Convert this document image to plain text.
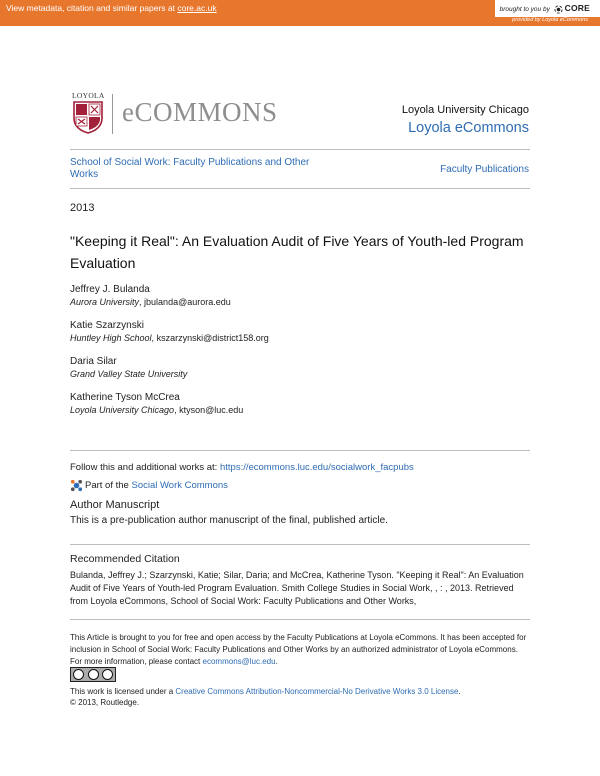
View metadata, citation and similar papers at core.ac.uk	brought to you by CORE
provided by Loyola eCommons
LOYOLA
eCOMMONS	Loyola University Chicago
Loyola eCommons
School of Social Work: Faculty Publications and Other Works	Faculty Publications
2013
"Keeping it Real": An Evaluation Audit of Five Years of Youth-led Program Evaluation
Jeffrey J. Bulanda
Aurora University, jbulanda@aurora.edu
Katie Szarzynski
Huntley High School, kszarzynski@district158.org
Daria Silar
Grand Valley State University
Katherine Tyson McCrea
Loyola University Chicago, ktyson@luc.edu
Follow this and additional works at: https://ecommons.luc.edu/socialwork_facpubs
Part of the Social Work Commons
Author Manuscript
This is a pre-publication author manuscript of the final, published article.
Recommended Citation
Bulanda, Jeffrey J.; Szarzynski, Katie; Silar, Daria; and McCrea, Katherine Tyson. "Keeping it Real": An Evaluation Audit of Five Years of Youth-led Program Evaluation. Smith College Studies in Social Work, , : , 2013. Retrieved from Loyola eCommons, School of Social Work: Faculty Publications and Other Works,
This Article is brought to you for free and open access by the Faculty Publications at Loyola eCommons. It has been accepted for inclusion in School of Social Work: Faculty Publications and Other Works by an authorized administrator of Loyola eCommons. For more information, please contact ecommons@luc.edu.
This work is licensed under a Creative Commons Attribution-Noncommercial-No Derivative Works 3.0 License.
© 2013, Routledge.
